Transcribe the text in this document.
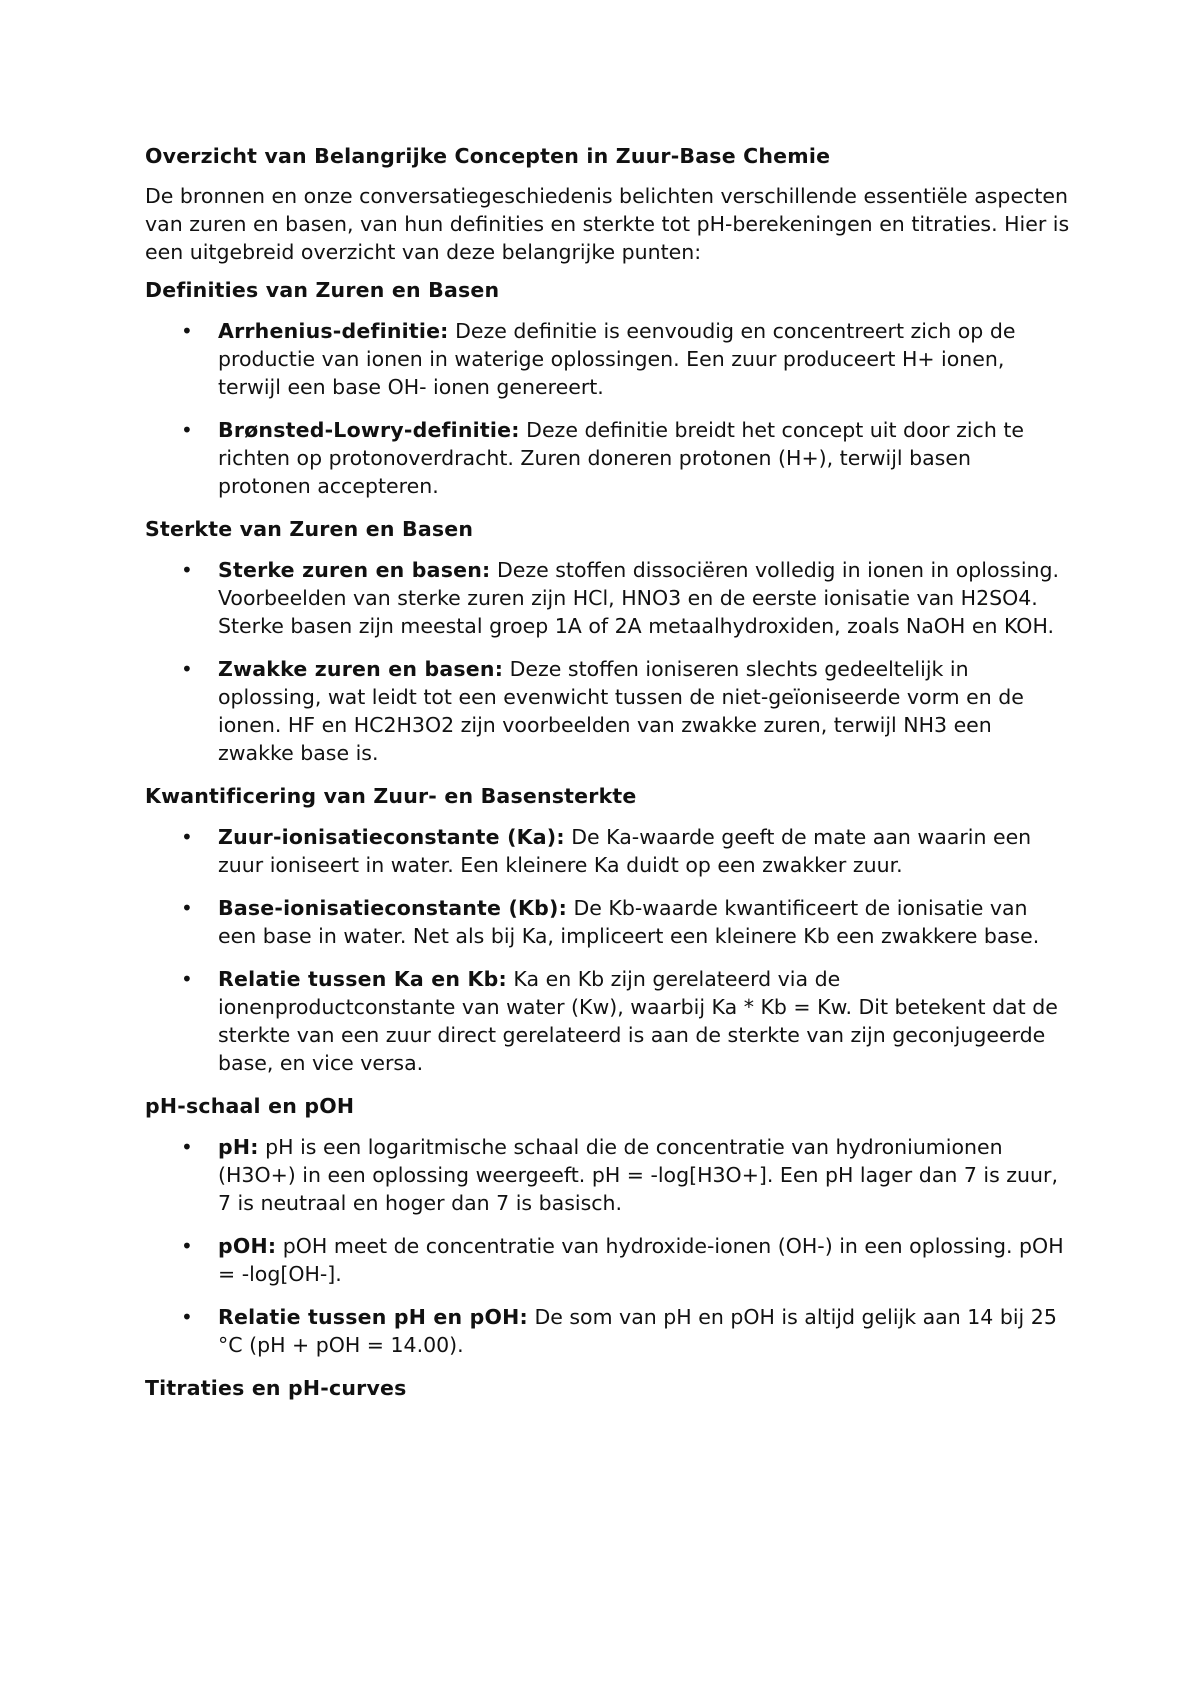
Overzicht van Belangrijke Concepten in Zuur-Base Chemie
De bronnen en onze conversatiegeschiedenis belichten verschillende essentiële aspecten van zuren en basen, van hun definities en sterkte tot pH-berekeningen en titraties. Hier is een uitgebreid overzicht van deze belangrijke punten:
Definities van Zuren en Basen
• Arrhenius-definitie: Deze definitie is eenvoudig en concentreert zich op de productie van ionen in waterige oplossingen. Een zuur produceert H+ ionen, terwijl een base OH- ionen genereert.
• Brønsted-Lowry-definitie: Deze definitie breidt het concept uit door zich te richten op protonoverdracht. Zuren doneren protonen (H+), terwijl basen protonen accepteren.
Sterkte van Zuren en Basen
• Sterke zuren en basen: Deze stoffen dissociëren volledig in ionen in oplossing. Voorbeelden van sterke zuren zijn HCl, HNO3 en de eerste ionisatie van H2SO4. Sterke basen zijn meestal groep 1A of 2A metaalhydroxiden, zoals NaOH en KOH.
• Zwakke zuren en basen: Deze stoffen ioniseren slechts gedeeltelijk in oplossing, wat leidt tot een evenwicht tussen de niet-geïoniseerde vorm en de ionen. HF en HC2H3O2 zijn voorbeelden van zwakke zuren, terwijl NH3 een zwakke base is.
Kwantificering van Zuur- en Basensterkte
• Zuur-ionisatieconstante (Ka): De Ka-waarde geeft de mate aan waarin een zuur ioniseert in water. Een kleinere Ka duidt op een zwakker zuur.
• Base-ionisatieconstante (Kb): De Kb-waarde kwantificeert de ionisatie van een base in water. Net als bij Ka, impliceert een kleinere Kb een zwakkere base.
• Relatie tussen Ka en Kb: Ka en Kb zijn gerelateerd via de ionenproductconstante van water (Kw), waarbij Ka * Kb = Kw. Dit betekent dat de sterkte van een zuur direct gerelateerd is aan de sterkte van zijn geconjugeerde base, en vice versa.
pH-schaal en pOH
• pH: pH is een logaritmische schaal die de concentratie van hydroniumionen (H3O+) in een oplossing weergeeft. pH = -log[H3O+]. Een pH lager dan 7 is zuur, 7 is neutraal en hoger dan 7 is basisch.
• pOH: pOH meet de concentratie van hydroxide-ionen (OH-) in een oplossing. pOH = -log[OH-].
• Relatie tussen pH en pOH: De som van pH en pOH is altijd gelijk aan 14 bij 25 °C (pH + pOH = 14.00).
Titraties en pH-curves
